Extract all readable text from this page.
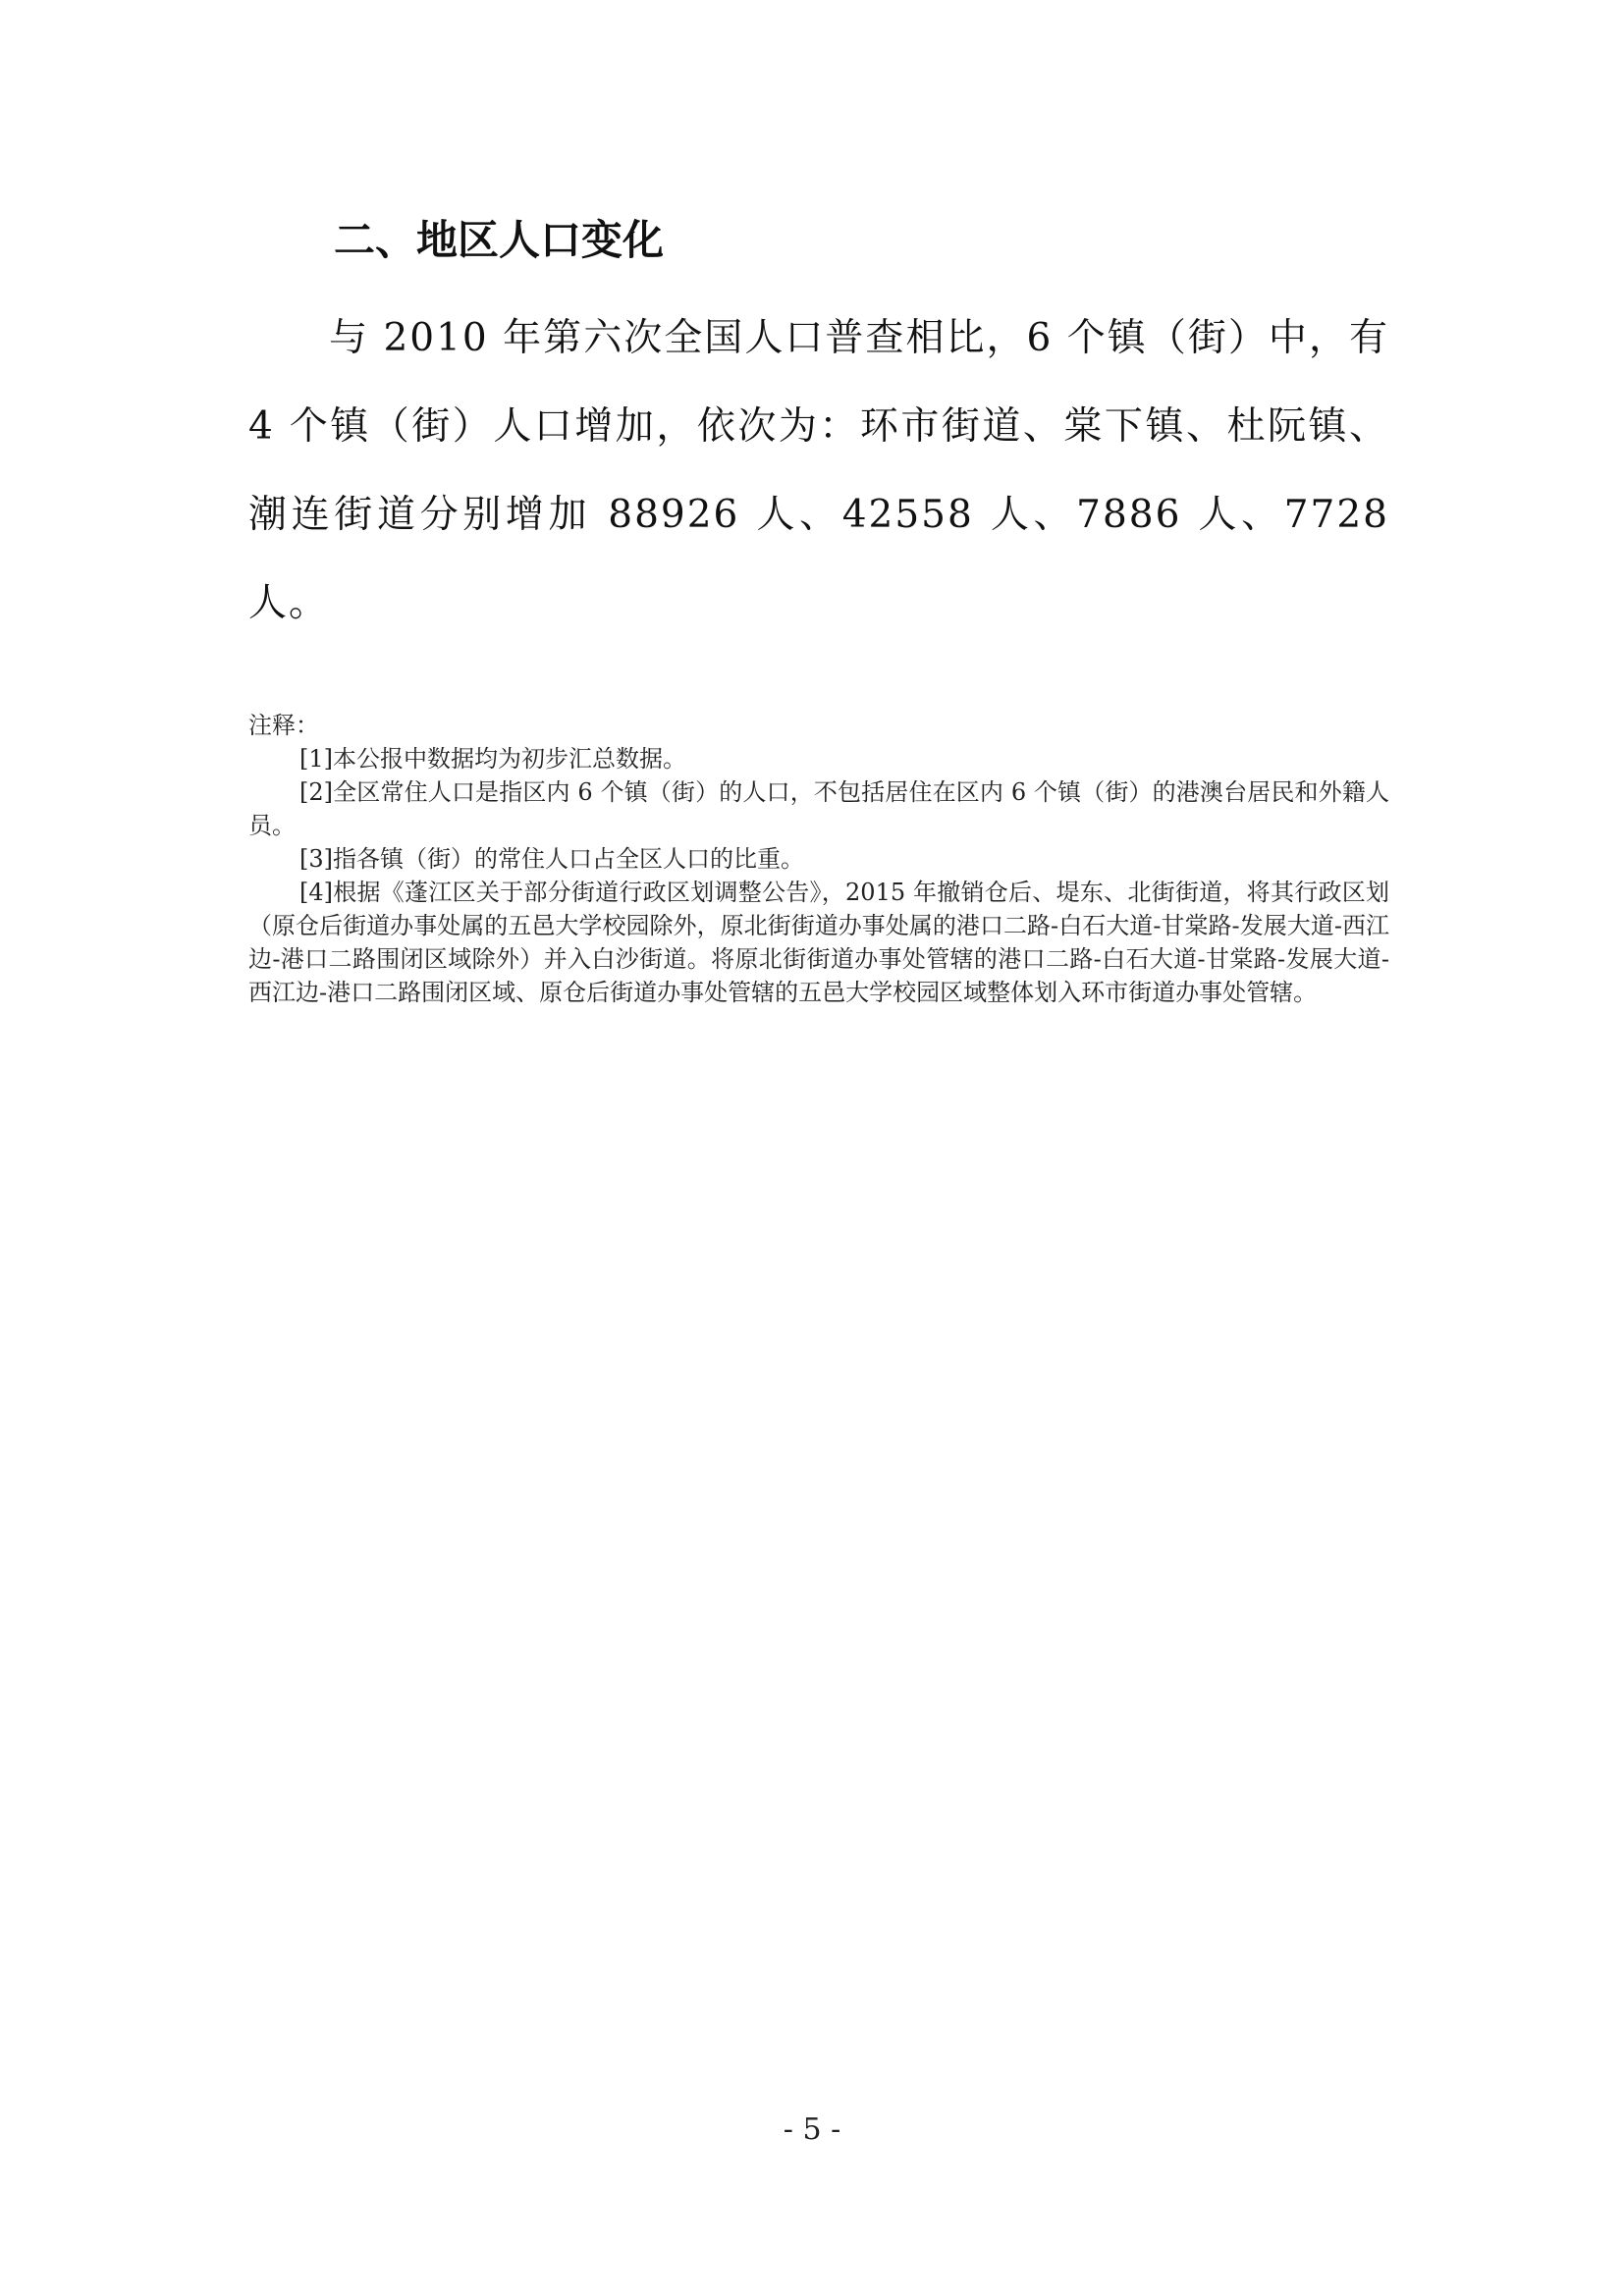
二、地区人口变化

与 2010 年第六次全国人口普查相比，6 个镇（街）中，有 4 个镇（街）人口增加，依次为：环市街道、棠下镇、杜阮镇、潮连街道分别增加 88926 人、42558 人、7886 人、7728 人。

注释：

[1]本公报中数据均为初步汇总数据。

[2]全区常住人口是指区内 6 个镇（街）的人口，不包括居住在区内 6 个镇（街）的港澳台居民和外籍人员。

[3]指各镇（街）的常住人口占全区人口的比重。

[4]根据《蓬江区关于部分街道行政区划调整公告》，2015 年撤销仓后、堤东、北街街道，将其行政区划（原仓后街道办事处属的五邑大学校园除外，原北街街道办事处属的港口二路-白石大道-甘棠路-发展大道-西江边-港口二路围闭区域除外）并入白沙街道。将原北街街道办事处管辖的港口二路-白石大道-甘棠路-发展大道-西江边-港口二路围闭区域、原仓后街道办事处管辖的五邑大学校园区域整体划入环市街道办事处管辖。

- 5 -
